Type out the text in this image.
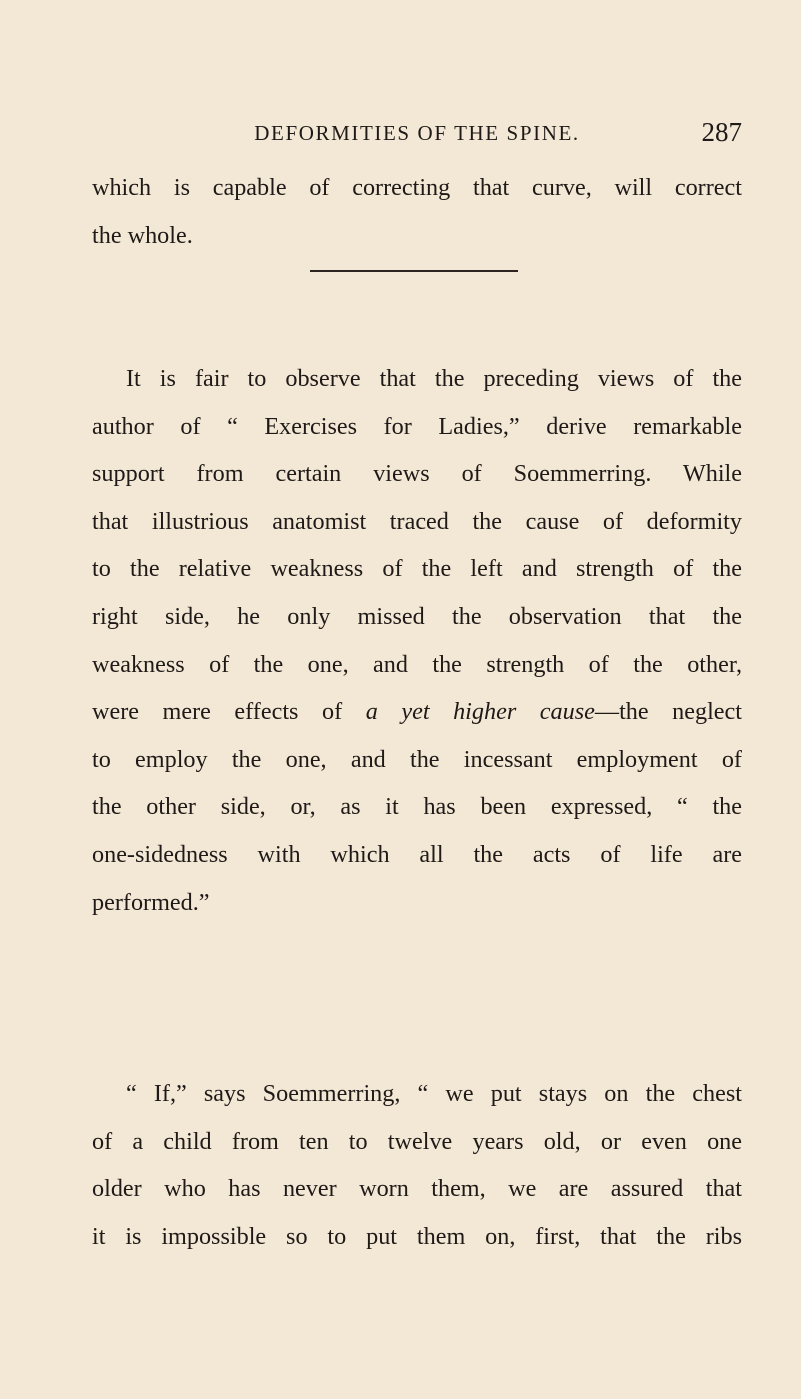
DEFORMITIES OF THE SPINE.	287
which is capable of correcting that curve, will correct
the whole.
It is fair to observe that the preceding views of the
author of “ Exercises for Ladies,” derive remarkable
support from certain views of Soemmerring. While
that illustrious anatomist traced the cause of deformity
to the relative weakness of the left and strength of the
right side, he only missed the observation that the
weakness of the one, and the strength of the other,
were mere effects of a yet higher cause—the neglect
to employ the one, and the incessant employment of
the other side, or, as it has been expressed, “ the
one-sidedness with which all the acts of life are
performed.”
“ If,” says Soemmerring, “ we put stays on the chest
of a child from ten to twelve years old, or even one
older who has never worn them, we are assured that
it is impossible so to put them on, first, that the ribs
